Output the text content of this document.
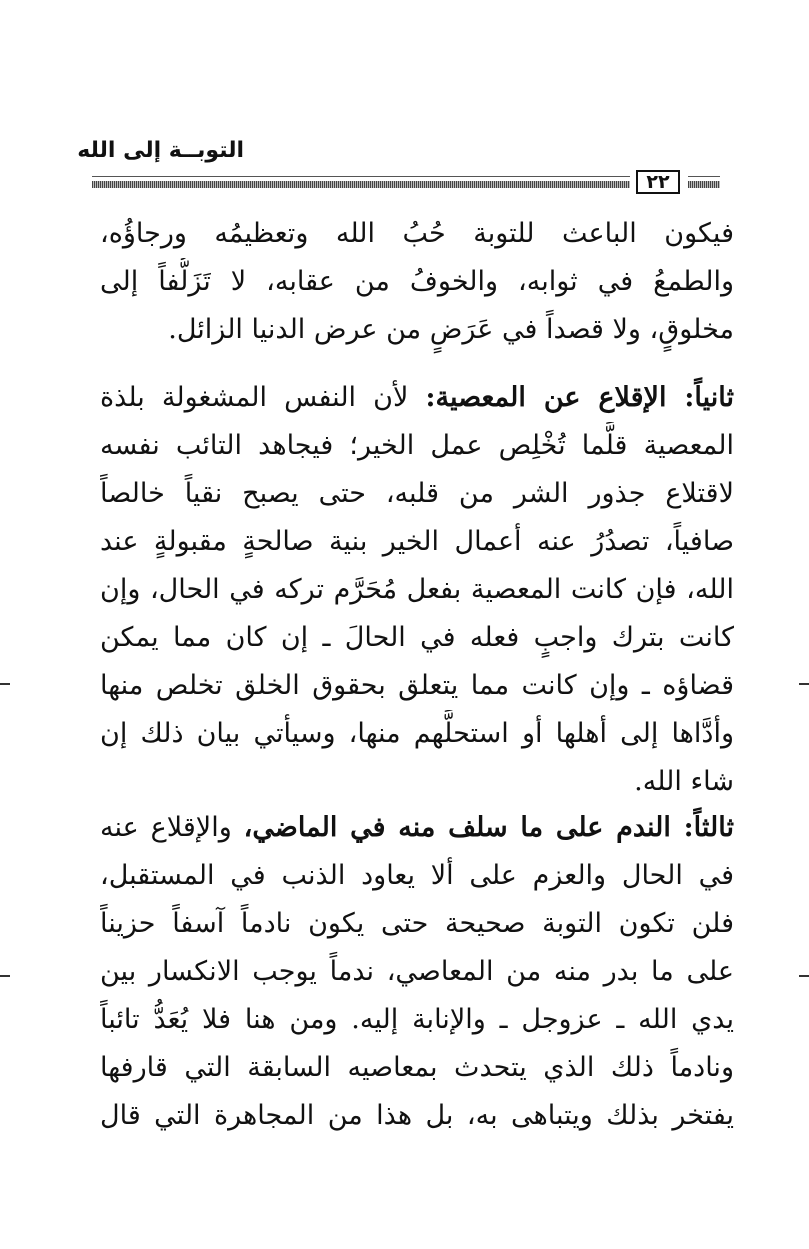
التوبــة إلى الله
٢٢
فيكون الباعث للتوبة حُبُ الله وتعظيمُه ورجاؤُه،
والطمعُ في ثوابه، والخوفُ من عقابه، لا تَزَلُّفاً إلى
مخلوقٍ، ولا قصداً في عَرَضٍ من عرض الدنيا الزائل.
ثانياً: الإقلاع عن المعصية: لأن النفس المشغولة بلذة
المعصية قلَّما تُخْلِص عمل الخير؛ فيجاهد التائب نفسه
لاقتلاع جذور الشر من قلبه، حتى يصبح نقياً خالصاً
صافياً، تصدُرُ عنه أعمال الخير بنية صالحةٍ مقبولةٍ عند
الله، فإن كانت المعصية بفعل مُحَرَّم تركه في الحال، وإن
كانت بترك واجبٍ فعله في الحالَ ـ إن كان مما يمكن
قضاؤه ـ وإن كانت مما يتعلق بحقوق الخلق تخلص منها
وأدَّاها إلى أهلها أو استحلَّهم منها، وسيأتي بيان ذلك إن
شاء الله.
ثالثاً: الندم على ما سلف منه في الماضي، والإقلاع عنه
في الحال والعزم على ألا يعاود الذنب في المستقبل،
فلن تكون التوبة صحيحة حتى يكون نادماً آسفاً حزيناً
على ما بدر منه من المعاصي، ندماً يوجب الانكسار بين
يدي الله ـ عزوجل ـ والإنابة إليه. ومن هنا فلا يُعَدُّ تائباً
ونادماً ذلك الذي يتحدث بمعاصيه السابقة التي قارفها
يفتخر بذلك ويتباهى به، بل هذا من المجاهرة التي قال
